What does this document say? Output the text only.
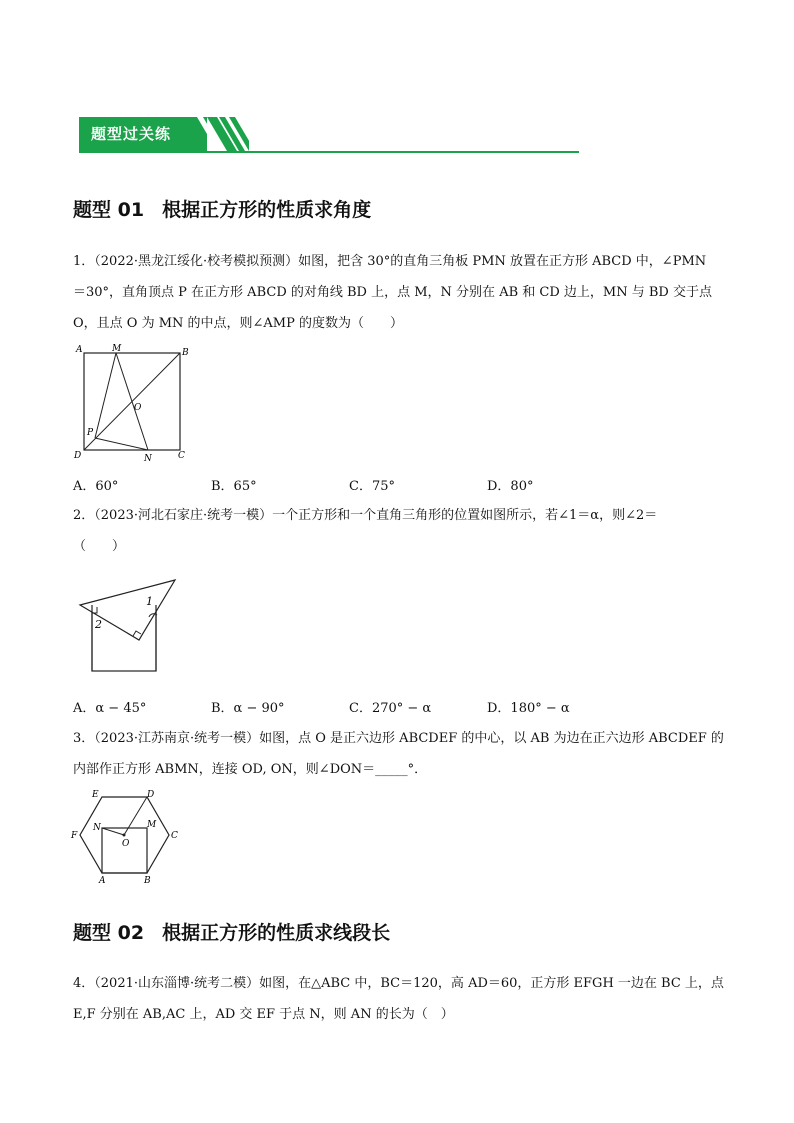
题型过关练
题型 01 根据正方形的性质求角度
1．（2022·黑龙江绥化·校考模拟预测）如图，把含 30°的直角三角板 PMN 放置在正方形 ABCD 中，∠PMN
＝30°，直角顶点 P 在正方形 ABCD 的对角线 BD 上，点 M，N 分别在 AB 和 CD 边上，MN 与 BD 交于点
O，且点 O 为 MN 的中点，则∠AMP 的度数为（　　）
A	M	B
O
P
D	N	C
A．60°	B．65°	C．75°	D．80°
2．（2023·河北石家庄·统考一模）一个正方形和一个直角三角形的位置如图所示，若∠1＝α，则∠2＝
（　　）
1
2
A．α − 45°	B．α − 90°	C．270° − α	D．180° − α
3．（2023·江苏南京·统考一模）如图，点 O 是正六边形 ABCDEF 的中心，以 AB 为边在正六边形 ABCDEF 的
内部作正方形 ABMN，连接 OD, ON，则∠DON＝_____°．
E	D
F	C
N	M
O
A	B
题型 02 根据正方形的性质求线段长
4．（2021·山东淄博·统考二模）如图，在△ABC 中，BC＝120，高 AD＝60，正方形 EFGH 一边在 BC 上，点
E,F 分别在 AB,AC 上，AD 交 EF 于点 N，则 AN 的长为（　）
